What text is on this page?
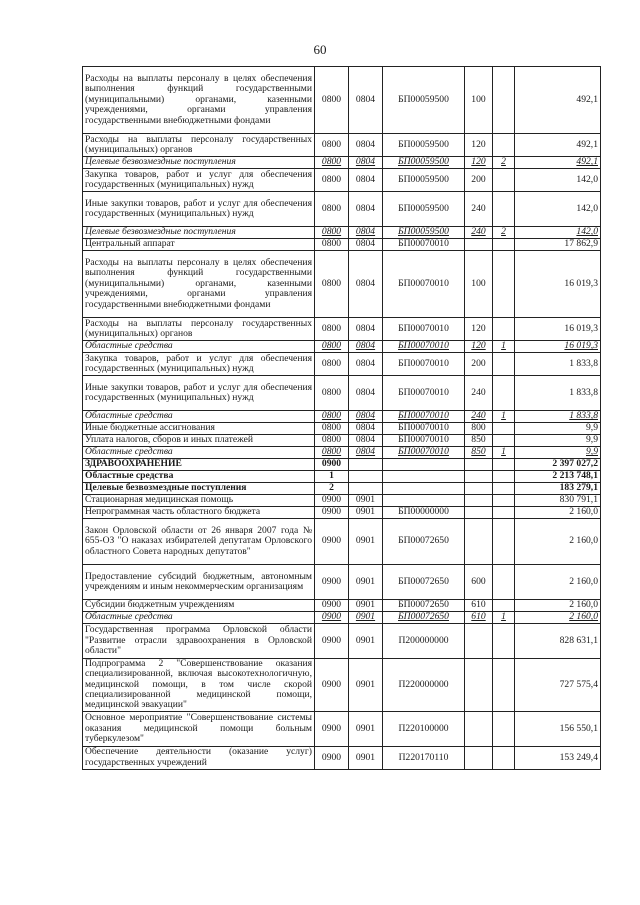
60
Расходы на выплаты персоналу в целях обеспечения выполнения функций государственными (муниципальными) органами, казенными учреждениями, органами управления государственными внебюджетными фондами	0800	0804	БП00059500	100		492,1
Расходы на выплаты персоналу государственных (муниципальных) органов	0800	0804	БП00059500	120		492,1
Целевые безвозмездные поступления	0800	0804	БП00059500	120	2	492,1
Закупка товаров, работ и услуг для обеспечения государственных (муниципальных) нужд	0800	0804	БП00059500	200		142,0
Иные закупки товаров, работ и услуг для обеспечения государственных (муниципальных) нужд	0800	0804	БП00059500	240		142,0
Целевые безвозмездные поступления	0800	0804	БП00059500	240	2	142,0
Центральный аппарат	0800	0804	БП00070010			17 862,9
Расходы на выплаты персоналу в целях обеспечения выполнения функций государственными (муниципальными) органами, казенными учреждениями, органами управления государственными внебюджетными фондами	0800	0804	БП00070010	100		16 019,3
Расходы на выплаты персоналу государственных (муниципальных) органов	0800	0804	БП00070010	120		16 019,3
Областные средства	0800	0804	БП00070010	120	1	16 019,3
Закупка товаров, работ и услуг для обеспечения государственных (муниципальных) нужд	0800	0804	БП00070010	200		1 833,8
Иные закупки товаров, работ и услуг для обеспечения государственных (муниципальных) нужд	0800	0804	БП00070010	240		1 833,8
Областные средства	0800	0804	БП00070010	240	1	1 833,8
Иные бюджетные ассигнования	0800	0804	БП00070010	800		9,9
Уплата налогов, сборов и иных платежей	0800	0804	БП00070010	850		9,9
Областные средства	0800	0804	БП00070010	850	1	9,9
ЗДРАВООХРАНЕНИЕ	0900					2 397 027,2
Областные средства	1					2 213 748,1
Целевые безвозмездные поступления	2					183 279,1
Стационарная медицинская помощь	0900	0901				830 791,1
Непрограммная часть областного бюджета	0900	0901	БП00000000			2 160,0
Закон Орловской области от 26 января 2007 года № 655-ОЗ "О наказах избирателей депутатам Орловского областного Совета народных депутатов"	0900	0901	БП00072650			2 160,0
Предоставление субсидий бюджетным, автономным учреждениям и иным некоммерческим организациям	0900	0901	БП00072650	600		2 160,0
Субсидии бюджетным учреждениям	0900	0901	БП00072650	610		2 160,0
Областные средства	0900	0901	БП00072650	610	1	2 160,0
Государственная программа Орловской области "Развитие отрасли здравоохранения в Орловской области"	0900	0901	П200000000			828 631,1
Подпрограмма 2 "Совершенствование оказания специализированной, включая высокотехнологичную, медицинской помощи, в том числе скорой специализированной медицинской помощи, медицинской эвакуации"	0900	0901	П220000000			727 575,4
Основное мероприятие "Совершенствование системы оказания медицинской помощи больным туберкулезом"	0900	0901	П220100000			156 550,1
Обеспечение деятельности (оказание услуг) государственных учреждений	0900	0901	П220170110			153 249,4
